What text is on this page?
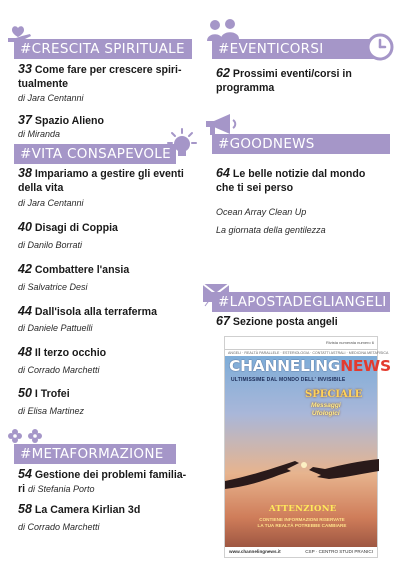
#CRESCITA SPIRITUALE
33 Come fare per crescere spiri-
tualmente
di Jara Centanni
37 Spazio Alieno
di Miranda
#VITA CONSAPEVOLE
38 Impariamo a gestire gli eventi
della vita
di Jara Centanni
40 Disagi di Coppia
di Danilo Borrati
42 Combattere l'ansia
di Salvatrice Desi
44 Dall'isola alla terraferma
di Daniele Pattuelli
48 Il terzo occhio
di Corrado Marchetti
50 I Trofei
di Elisa Martinez
#METAFORMAZIONE
54 Gestione dei problemi familia-
ri di Stefania Porto
58 La Camera Kirlian 3d
di Corrado Marchetti
#EVENTICORSI
62 Prossimi eventi/corsi in
programma
#GOODNEWS
64 Le belle notizie dal mondo
che ti sei perso
Ocean Array Clean Up
La giornata della gentilezza
#LAPOSTADEGLIANGELI
67 Sezione posta angeli
Rivista numerata numero 6
ANGELI · REALTÀ PARALLELE · ESTERIOLOGIA · CONTATTI ASTRALI · MEDICINA METAFISICA
CHANNELINGNEWS
ULTIMISSIME DAL MONDO DELL' INVISIBILE
SPECIALE
Messaggi
Ufologici
ATTENZIONE
CONTIENE INFORMAZIONI RISERVATE
LA TUA REALTÀ POTREBBE CAMBIARE
www.channelingnews.it	CSP · CENTRO STUDI PRANICI
